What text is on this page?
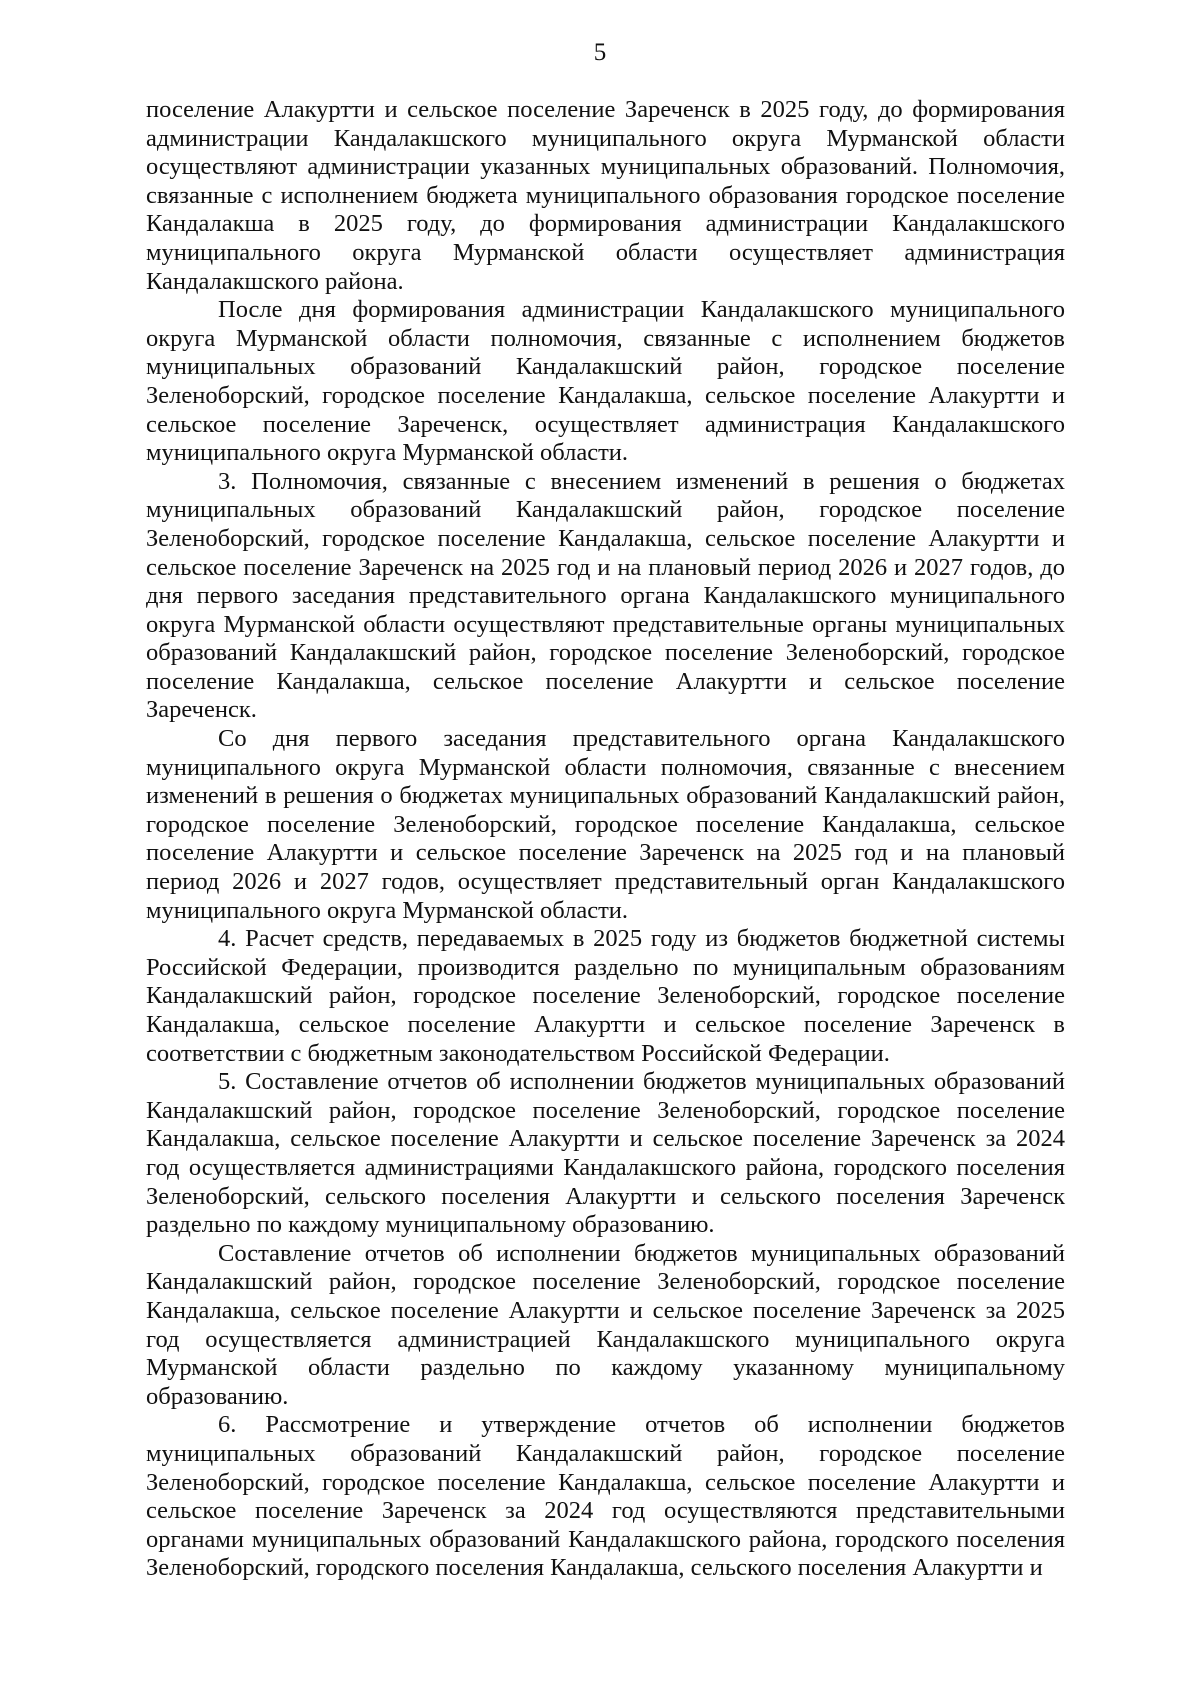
5

поселение Алакуртти и сельское поселение Зареченск в 2025 году, до формирования администрации Кандалакшского муниципального округа Мурманской области осуществляют администрации указанных муниципальных образований. Полномочия, связанные с исполнением бюджета муниципального образования городское поселение Кандалакша в 2025 году, до формирования администрации Кандалакшского муниципального округа Мурманской области осуществляет администрация Кандалакшского района.

После дня формирования администрации Кандалакшского муниципального округа Мурманской области полномочия, связанные с исполнением бюджетов муниципальных образований Кандалакшский район, городское поселение Зеленоборский, городское поселение Кандалакша, сельское поселение Алакуртти и сельское поселение Зареченск, осуществляет администрация Кандалакшского муниципального округа Мурманской области.

3. Полномочия, связанные с внесением изменений в решения о бюджетах муниципальных образований Кандалакшский район, городское поселение Зеленоборский, городское поселение Кандалакша, сельское поселение Алакуртти и сельское поселение Зареченск на 2025 год и на плановый период 2026 и 2027 годов, до дня первого заседания представительного органа Кандалакшского муниципального округа Мурманской области осуществляют представительные органы муниципальных образований Кандалакшский район, городское поселение Зеленоборский, городское поселение Кандалакша, сельское поселение Алакуртти и сельское поселение Зареченск.

Со дня первого заседания представительного органа Кандалакшского муниципального округа Мурманской области полномочия, связанные с внесением изменений в решения о бюджетах муниципальных образований Кандалакшский район, городское поселение Зеленоборский, городское поселение Кандалакша, сельское поселение Алакуртти и сельское поселение Зареченск на 2025 год и на плановый период 2026 и 2027 годов, осуществляет представительный орган Кандалакшского муниципального округа Мурманской области.

4. Расчет средств, передаваемых в 2025 году из бюджетов бюджетной системы Российской Федерации, производится раздельно по муниципальным образованиям Кандалакшский район, городское поселение Зеленоборский, городское поселение Кандалакша, сельское поселение Алакуртти и сельское поселение Зареченск в соответствии с бюджетным законодательством Российской Федерации.

5. Составление отчетов об исполнении бюджетов муниципальных образований Кандалакшский район, городское поселение Зеленоборский, городское поселение Кандалакша, сельское поселение Алакуртти и сельское поселение Зареченск за 2024 год осуществляется администрациями Кандалакшского района, городского поселения Зеленоборский, сельского поселения Алакуртти и сельского поселения Зареченск раздельно по каждому муниципальному образованию.

Составление отчетов об исполнении бюджетов муниципальных образований Кандалакшский район, городское поселение Зеленоборский, городское поселение Кандалакша, сельское поселение Алакуртти и сельское поселение Зареченск за 2025 год осуществляется администрацией Кандалакшского муниципального округа Мурманской области раздельно по каждому указанному муниципальному образованию.

6. Рассмотрение и утверждение отчетов об исполнении бюджетов муниципальных образований Кандалакшский район, городское поселение Зеленоборский, городское поселение Кандалакша, сельское поселение Алакуртти и сельское поселение Зареченск за 2024 год осуществляются представительными органами муниципальных образований Кандалакшского района, городского поселения Зеленоборский, городского поселения Кандалакша, сельского поселения Алакуртти и
